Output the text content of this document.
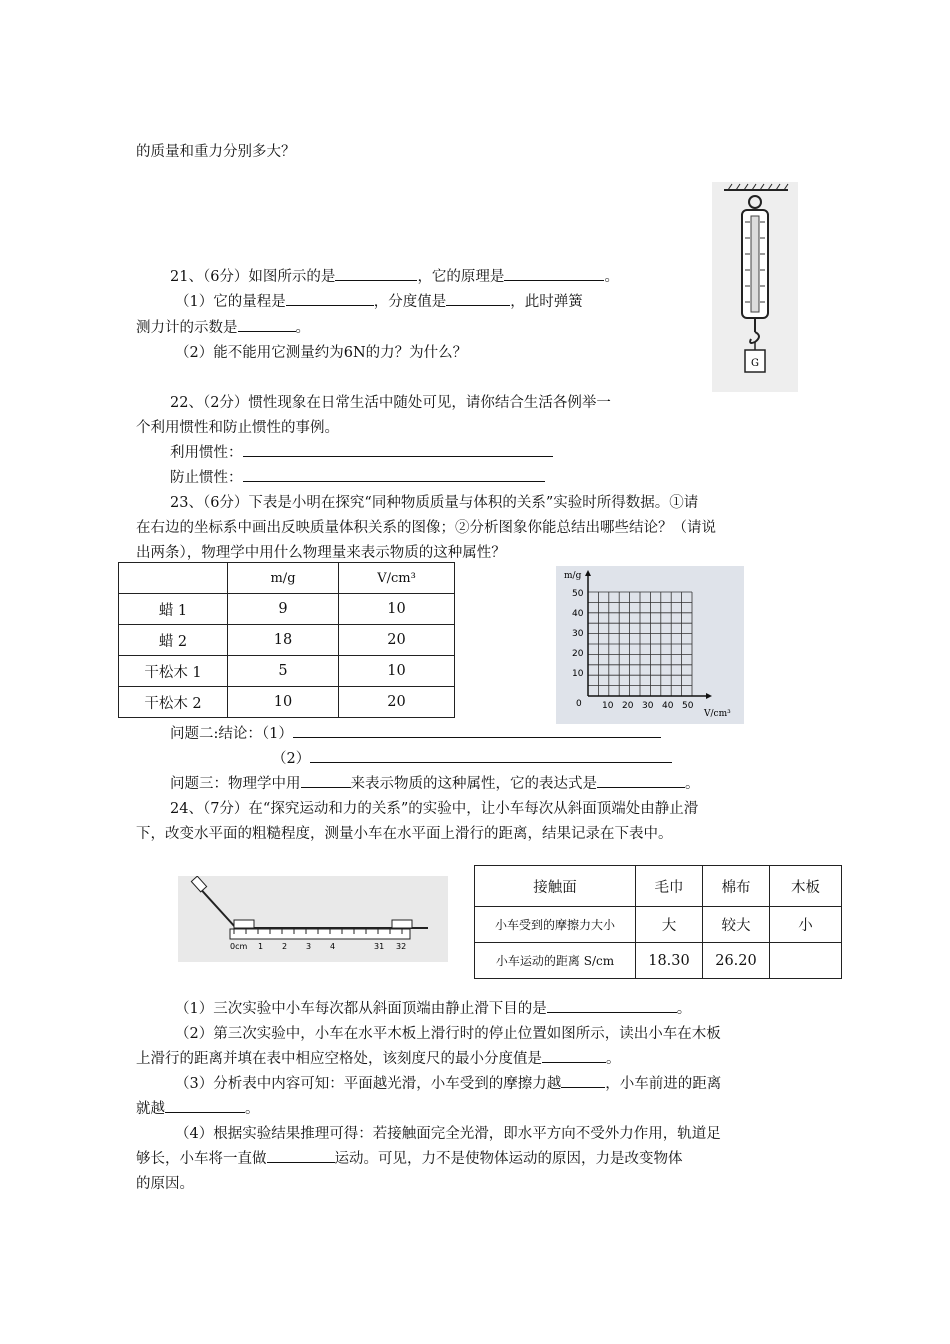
的质量和重力分别多大？
21、（6分）如图所示的是	，它的原理是	。
（1）它的量程是	，分度值是	，此时弹簧
测力计的示数是	。
（2）能不能用它测量约为6N的力？为什么？
G
22、（2分）惯性现象在日常生活中随处可见，请你结合生活各例举一
个利用惯性和防止惯性的事例。
利用惯性：
防止惯性：
23、（6分）下表是小明在探究“同种物质质量与体积的关系”实验时所得数据。①请
在右边的坐标系中画出反映质量体积关系的图像；②分析图象你能总结出哪些结论？（请说
出两条），物理学中用什么物理量来表示物质的这种属性？
	m/g	V/cm³
蜡 1	9	10
蜡 2	18	20
干松木 1	5	10
干松木 2	10	20
m/g
V/cm³
50
40
30
20
10
0 10 20 30 40 50
问题二:结论：（1）
（2）
问题三：物理学中用	来表示物质的这种属性，它的表达式是	。
24、（7分）在“探究运动和力的关系”的实验中，让小车每次从斜面顶端处由静止滑
下，改变水平面的粗糙程度，测量小车在水平面上滑行的距离，结果记录在下表中。
0cm 1 2 3 4	31 32
接触面	毛巾	棉布	木板
小车受到的摩擦力大小	大	较大	小
小车运动的距离 S/cm	18.30	26.20	
（1）三次实验中小车每次都从斜面顶端由静止滑下目的是	。
（2）第三次实验中，小车在水平木板上滑行时的停止位置如图所示，读出小车在木板
上滑行的距离并填在表中相应空格处，该刻度尺的最小分度值是	。
（3）分析表中内容可知：平面越光滑，小车受到的摩擦力越	，小车前进的距离
就越	。
（4）根据实验结果推理可得：若接触面完全光滑，即水平方向不受外力作用，轨道足
够长，小车将一直做	运动。可见，力不是使物体运动的原因，力是改变物体
的原因。
